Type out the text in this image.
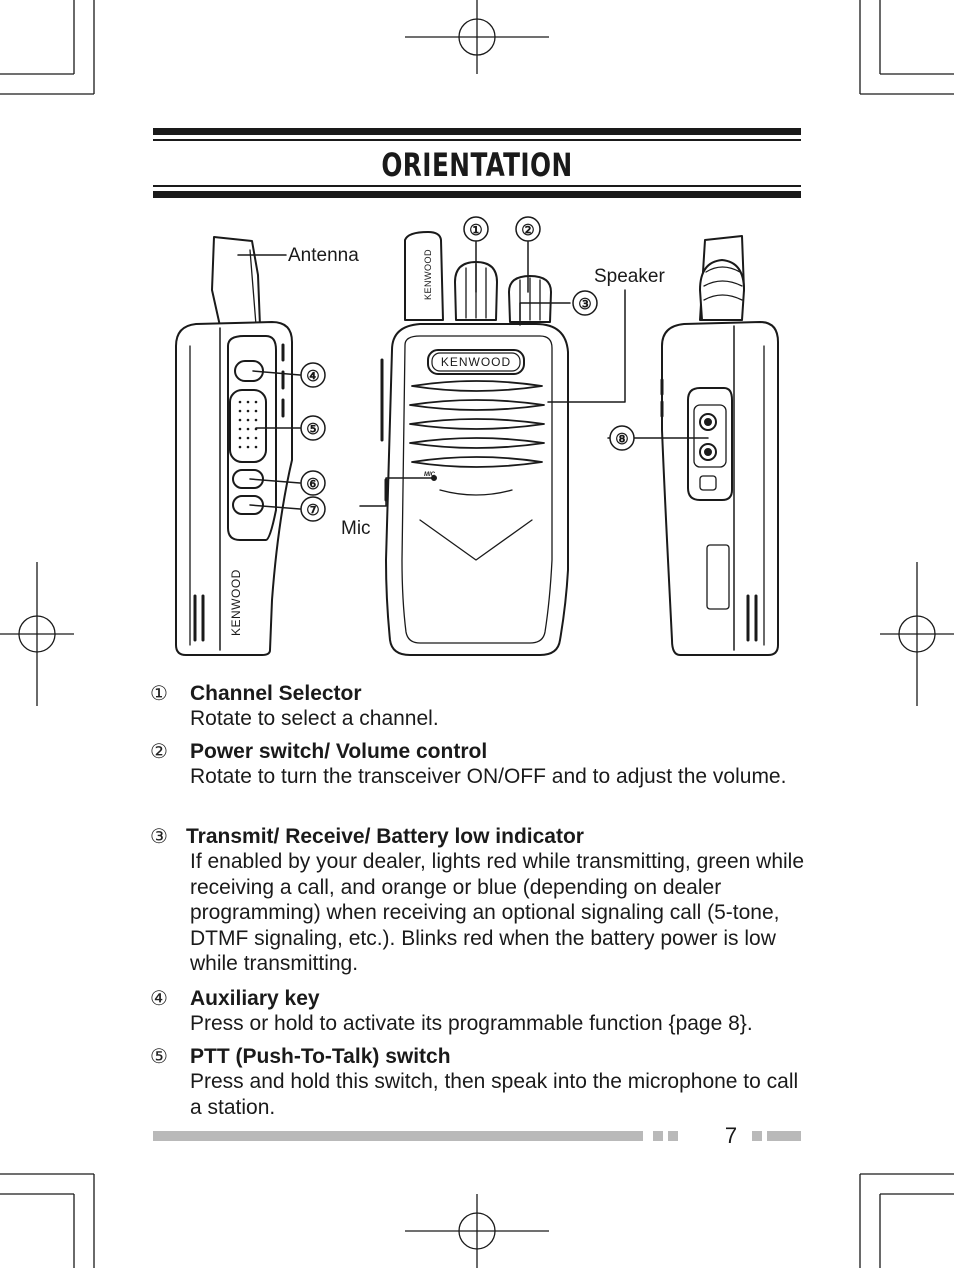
ORIENTATION
Antenna
Speaker
Mic
KENWOOD
KENWOOD
KENWOOD
MIC
①	②
③
④
⑤
⑥
⑦
⑧
① Channel Selector
Rotate to select a channel.
② Power switch/ Volume control
Rotate to turn the transceiver ON/OFF and to adjust the volume.
③ Transmit/ Receive/ Battery low indicator
If enabled by your dealer, lights red while transmitting, green while receiving a call, and orange or blue (depending on dealer programming) when receiving an optional signaling call (5-tone, DTMF signaling, etc.). Blinks red when the battery power is low while transmitting.
④ Auxiliary key
Press or hold to activate its programmable function {page 8}.
⑤ PTT (Push-To-Talk) switch
Press and hold this switch, then speak into the microphone to call a station.
7
